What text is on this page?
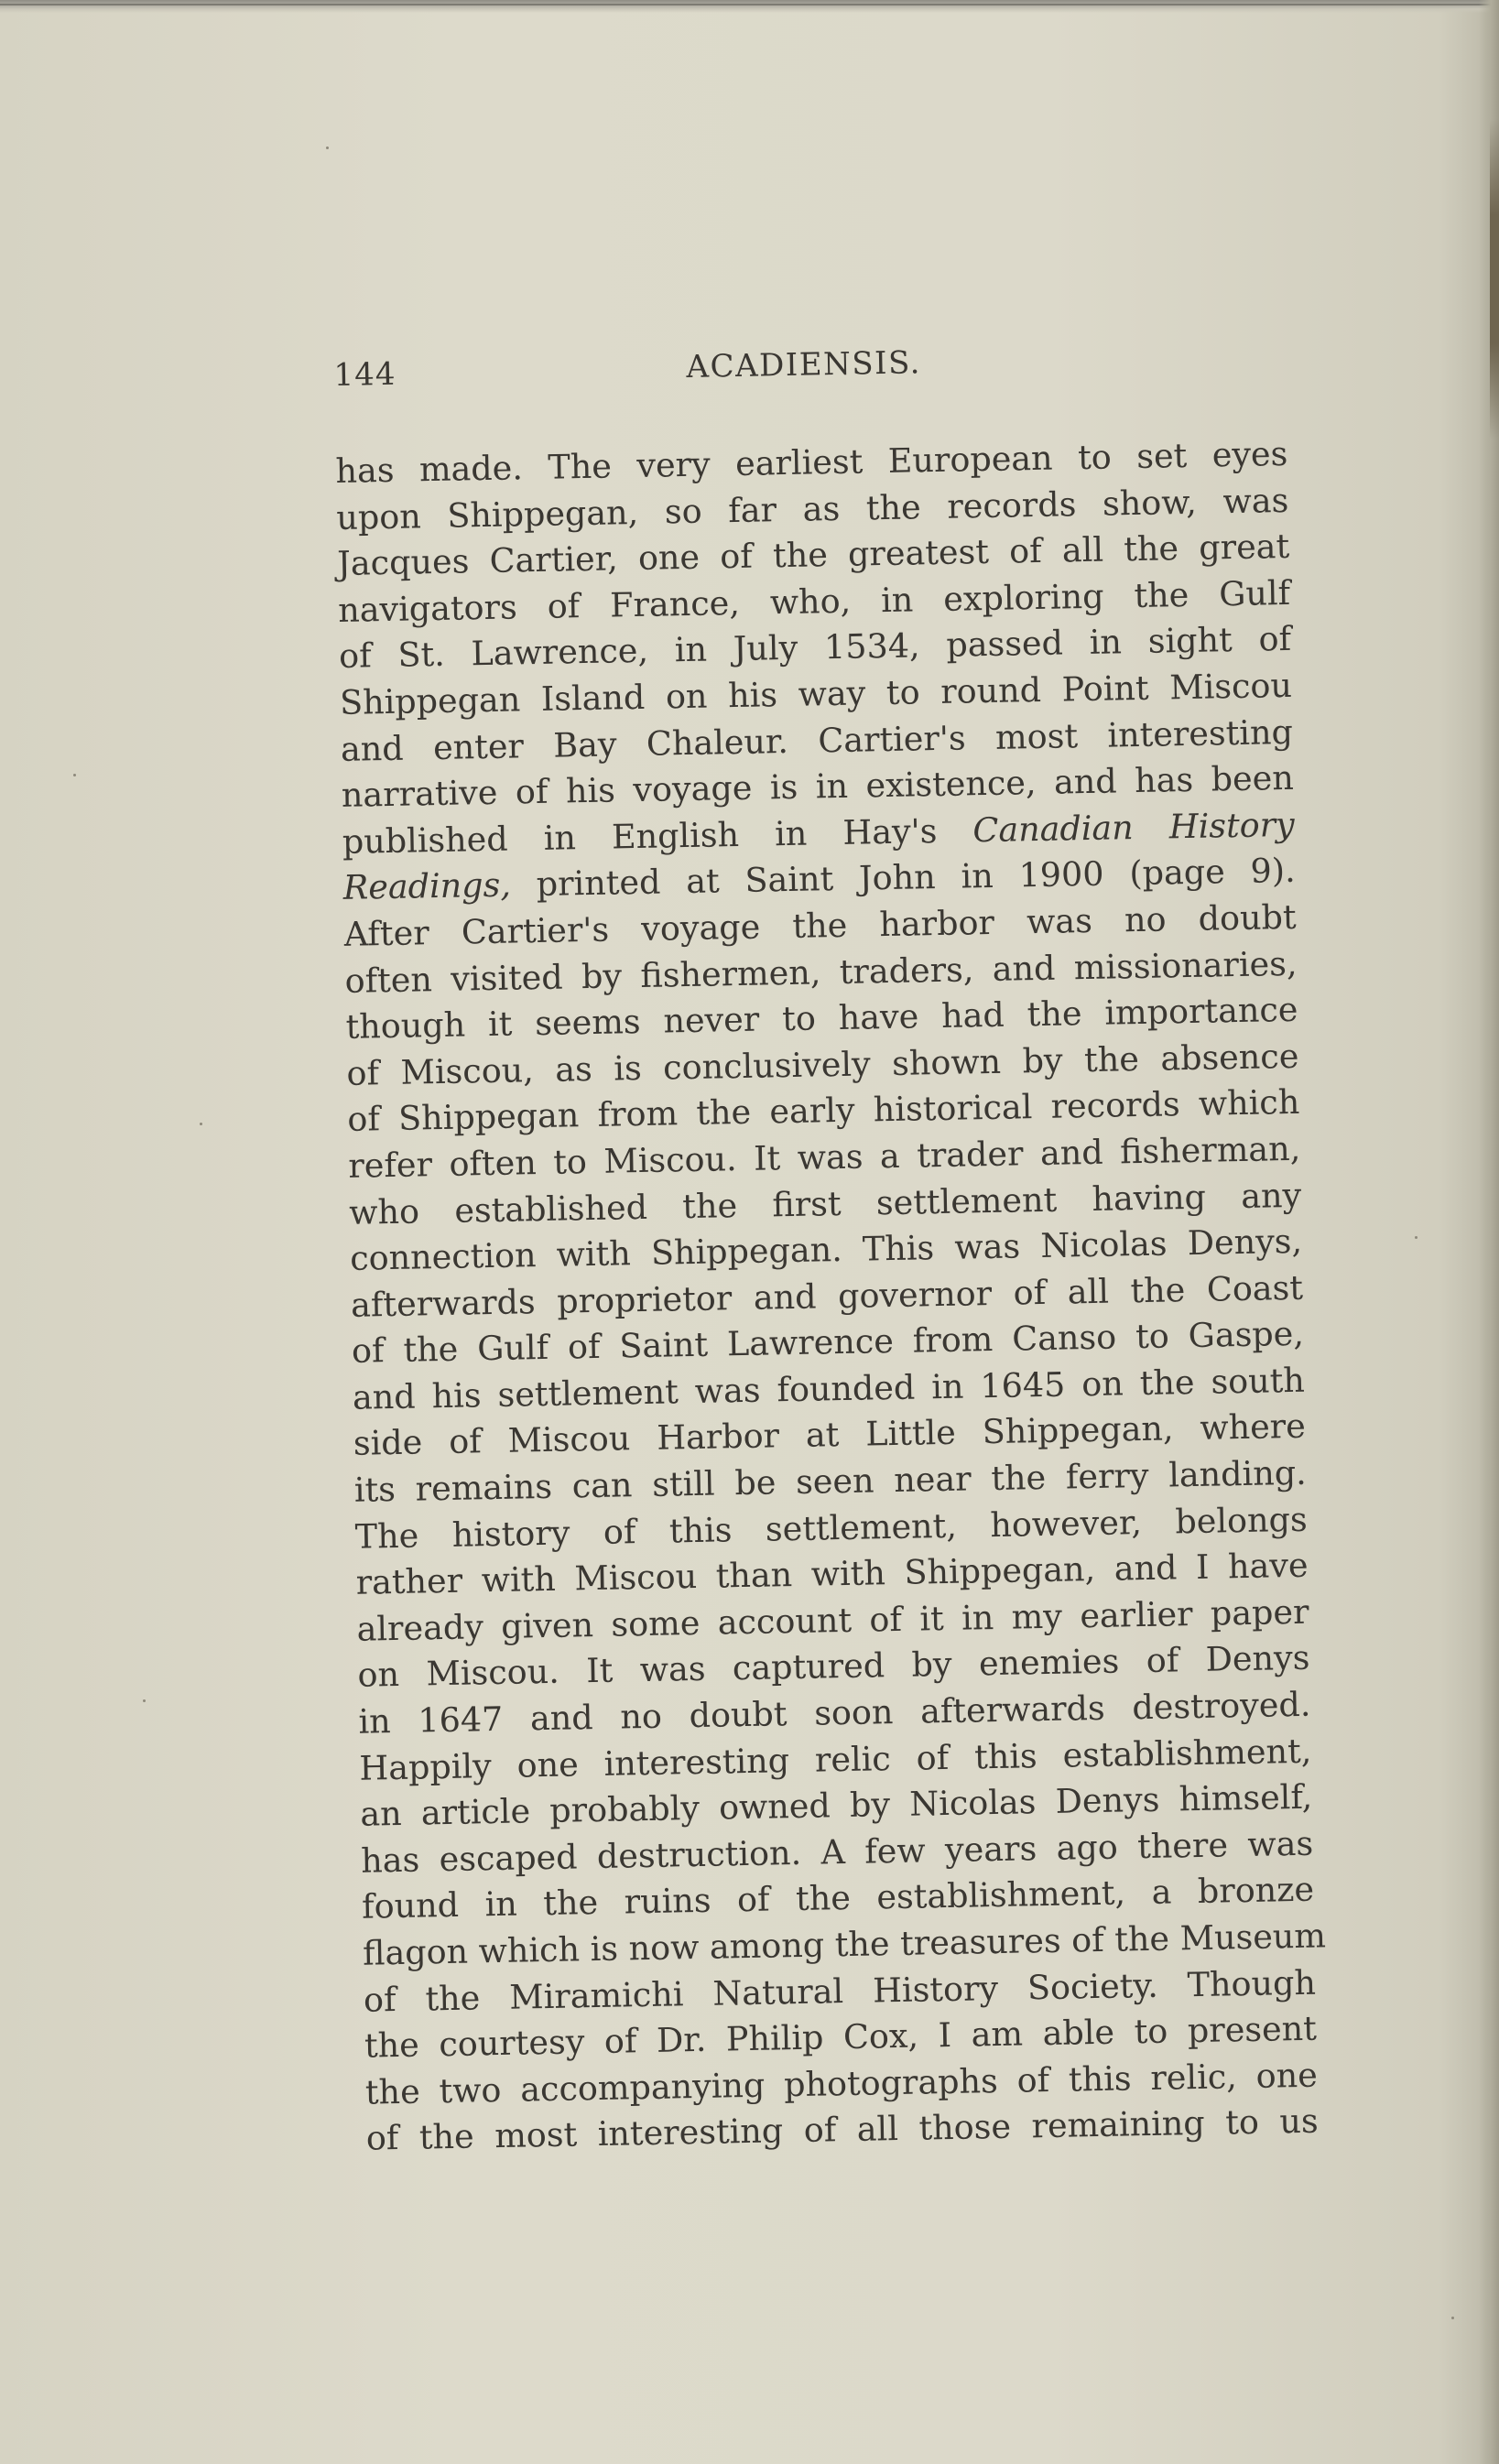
144	ACADIENSIS.
has made. The very earliest European to set eyes
upon Shippegan, so far as the records show, was
Jacques Cartier, one of the greatest of all the great
navigators of France, who, in exploring the Gulf
of St. Lawrence, in July 1534, passed in sight of
Shippegan Island on his way to round Point Miscou
and enter Bay Chaleur. Cartier's most interesting
narrative of his voyage is in existence, and has been
published in English in Hay's Canadian History
Readings, printed at Saint John in 1900 (page 9).
After Cartier's voyage the harbor was no doubt
often visited by fishermen, traders, and missionaries,
though it seems never to have had the importance
of Miscou, as is conclusively shown by the absence
of Shippegan from the early historical records which
refer often to Miscou. It was a trader and fisherman,
who established the first settlement having any
connection with Shippegan. This was Nicolas Denys,
afterwards proprietor and governor of all the Coast
of the Gulf of Saint Lawrence from Canso to Gaspe,
and his settlement was founded in 1645 on the south
side of Miscou Harbor at Little Shippegan, where
its remains can still be seen near the ferry landing.
The history of this settlement, however, belongs
rather with Miscou than with Shippegan, and I have
already given some account of it in my earlier paper
on Miscou. It was captured by enemies of Denys
in 1647 and no doubt soon afterwards destroyed.
Happily one interesting relic of this establishment,
an article probably owned by Nicolas Denys himself,
has escaped destruction. A few years ago there was
found in the ruins of the establishment, a bronze
flagon which is now among the treasures of the Museum
of the Miramichi Natural History Society. Though
the courtesy of Dr. Philip Cox, I am able to present
the two accompanying photographs of this relic, one
of the most interesting of all those remaining to us
